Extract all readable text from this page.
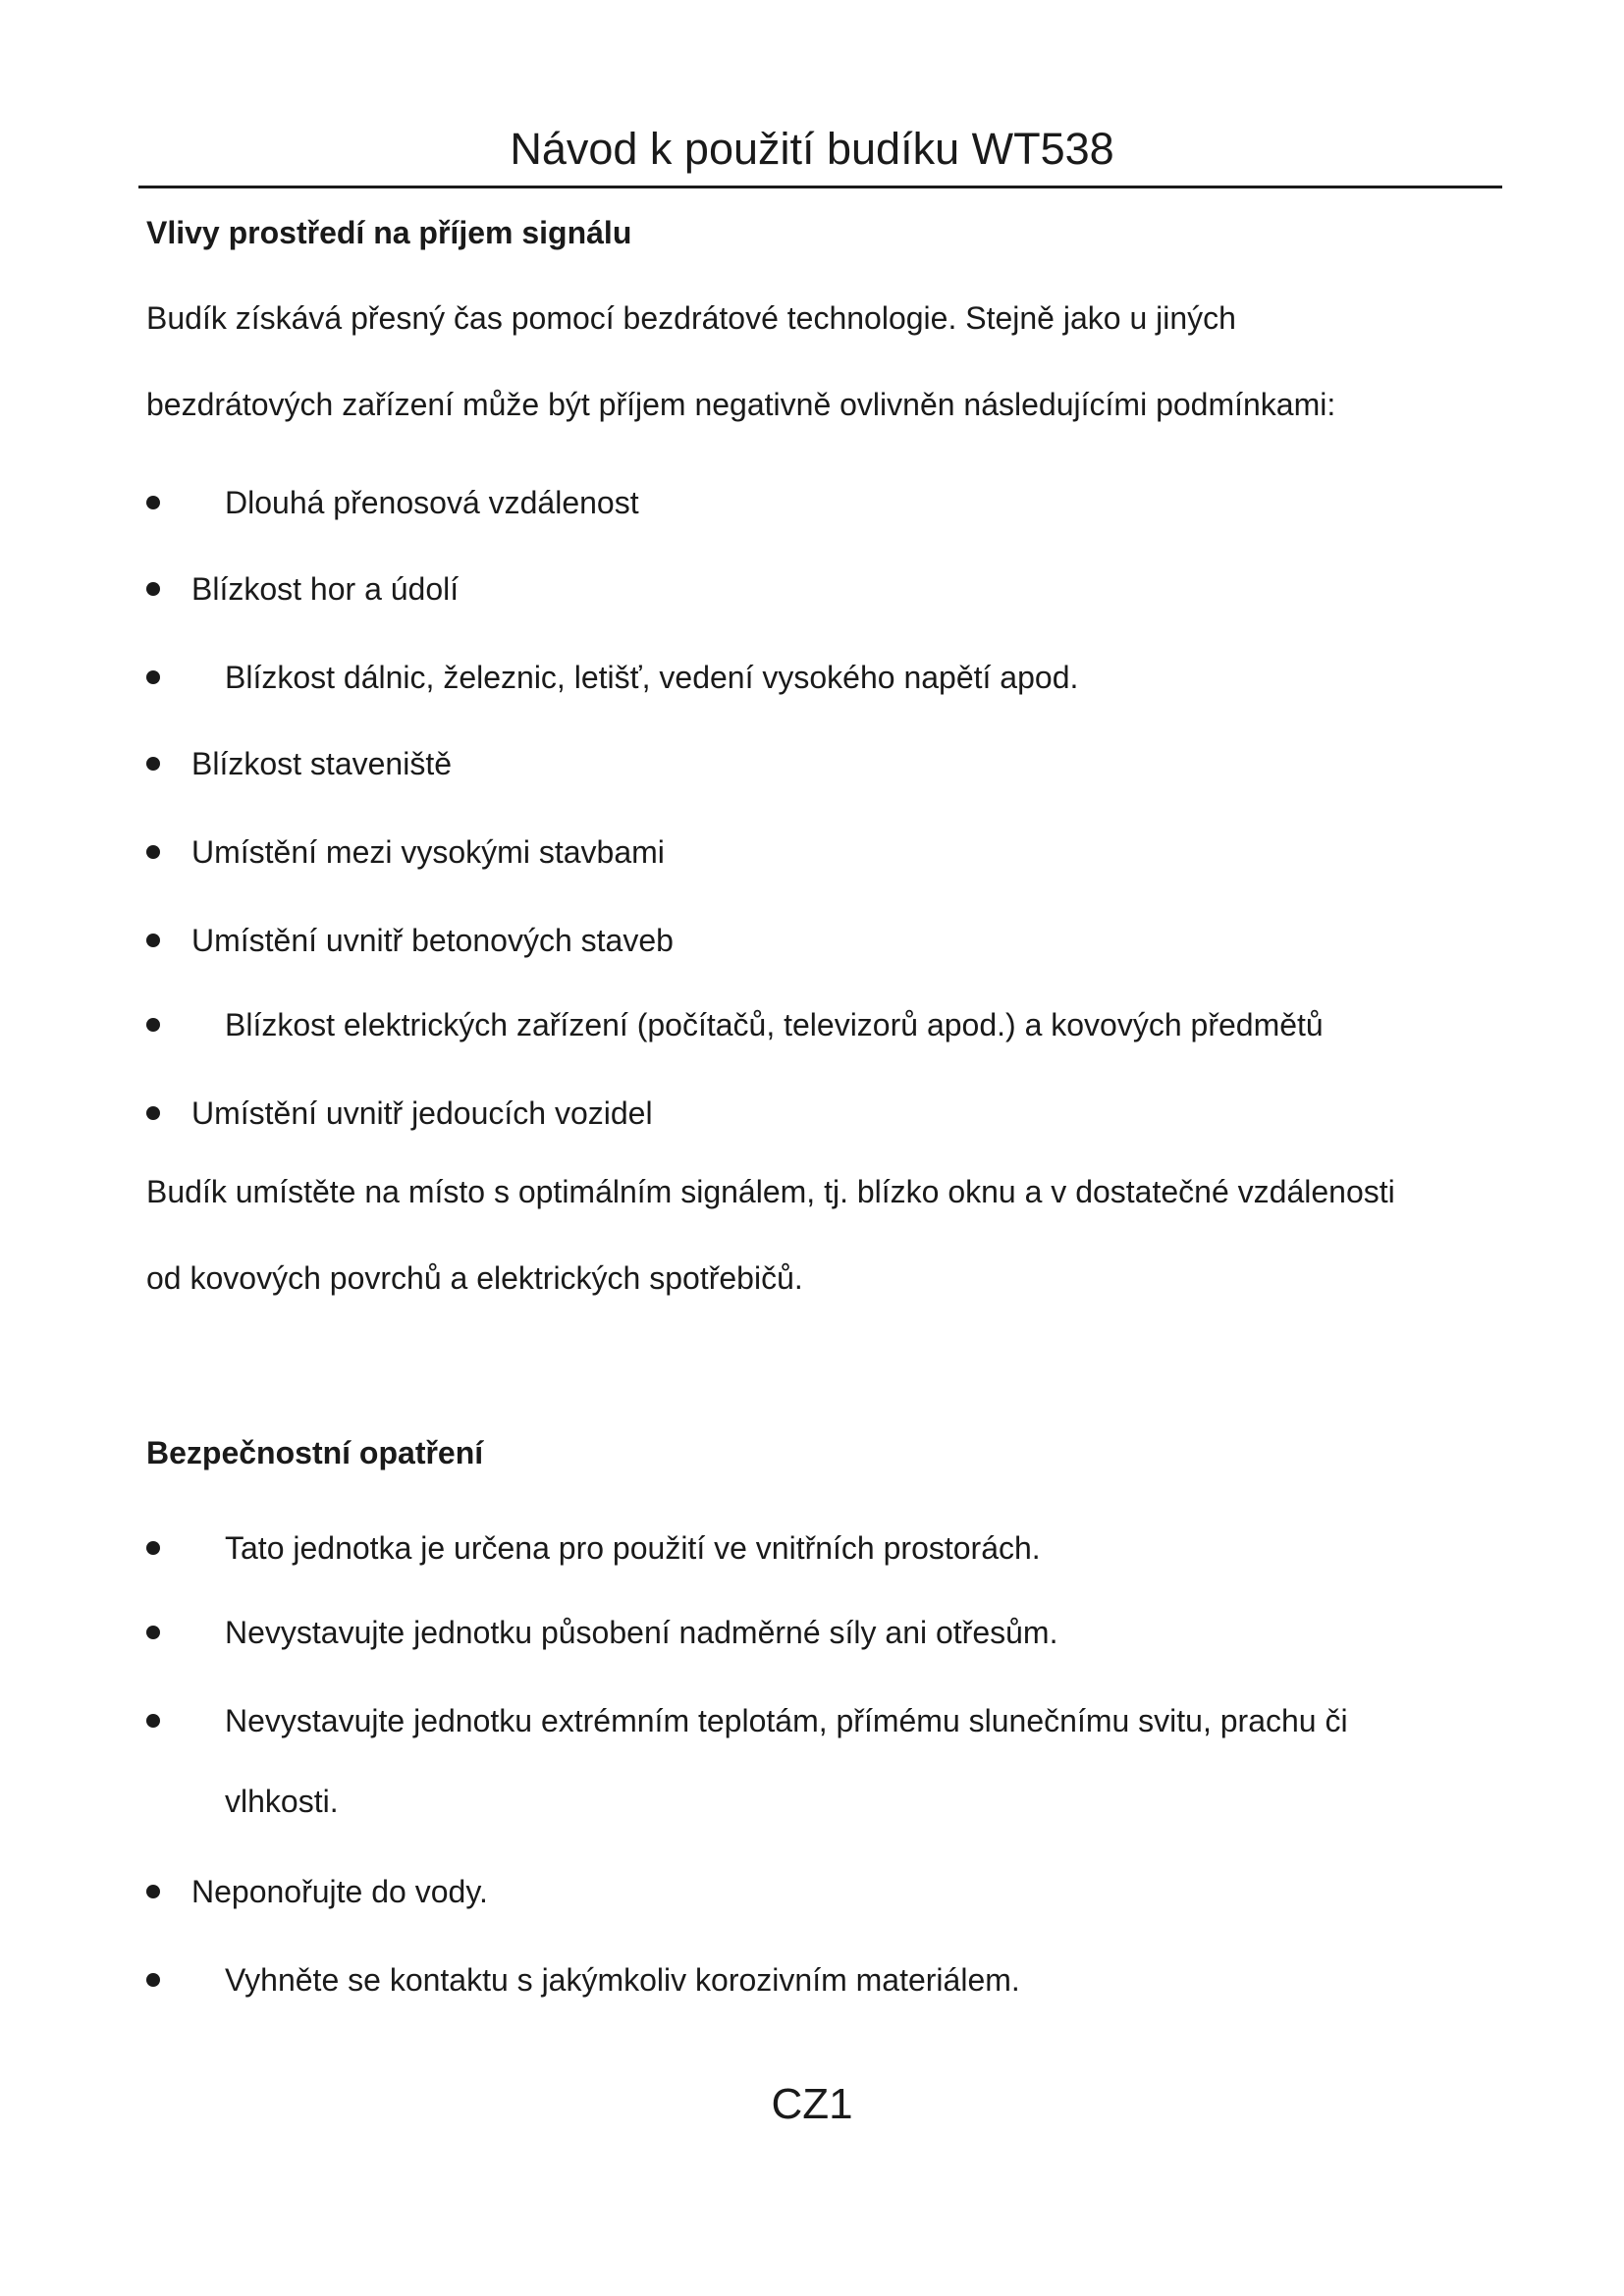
Návod k použití budíku WT538
Vlivy prostředí na příjem signálu
Budík získává přesný čas pomocí bezdrátové technologie. Stejně jako u jiných
bezdrátových zařízení může být příjem negativně ovlivněn následujícími podmínkami:
Dlouhá přenosová vzdálenost
Blízkost hor a údolí
Blízkost dálnic, železnic, letišť, vedení vysokého napětí apod.
Blízkost staveniště
Umístění mezi vysokými stavbami
Umístění uvnitř betonových staveb
Blízkost elektrických zařízení (počítačů, televizorů apod.) a kovových předmětů
Umístění uvnitř jedoucích vozidel
Budík umístěte na místo s optimálním signálem, tj. blízko oknu a v dostatečné vzdálenosti
od kovových povrchů a elektrických spotřebičů.
Bezpečnostní opatření
Tato jednotka je určena pro použití ve vnitřních prostorách.
Nevystavujte jednotku působení nadměrné síly ani otřesům.
Nevystavujte jednotku extrémním teplotám, přímému slunečnímu svitu, prachu či
vlhkosti.
Neponořujte do vody.
Vyhněte se kontaktu s jakýmkoliv korozivním materiálem.
CZ1
